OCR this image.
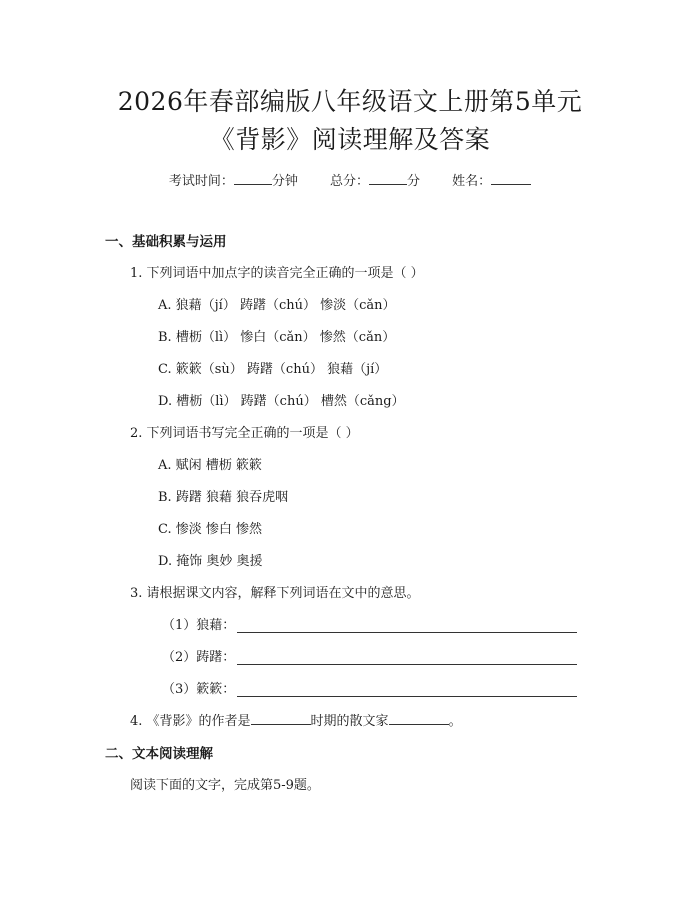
2026年春部编版八年级语文上册第5单元
《背影》阅读理解及答案
考试时间：	分钟 总分：	分 姓名：
一、基础积累与运用
1. 下列词语中加点字的读音完全正确的一项是（ ）
A. 狼藉（jí） 踌躇（chú） 惨淡（cǎn）
B. 槽枥（lì） 惨白（cǎn） 惨然（cǎn）
C. 簌簌（sù） 踌躇（chú） 狼藉（jí）
D. 槽枥（lì） 踌躇（chú） 槽然（cǎng）
2. 下列词语书写完全正确的一项是（ ）
A. 赋闲 槽枥 簌簌
B. 踌躇 狼藉 狼吞虎咽
C. 惨淡 惨白 惨然
D. 掩饰 奥妙 奥援
3. 请根据课文内容，解释下列词语在文中的意思。
（1）狼藉：
（2）踌躇：
（3）簌簌：
4. 《背影》的作者是	时期的散文家	。
二、文本阅读理解
阅读下面的文字，完成第5-9题。
